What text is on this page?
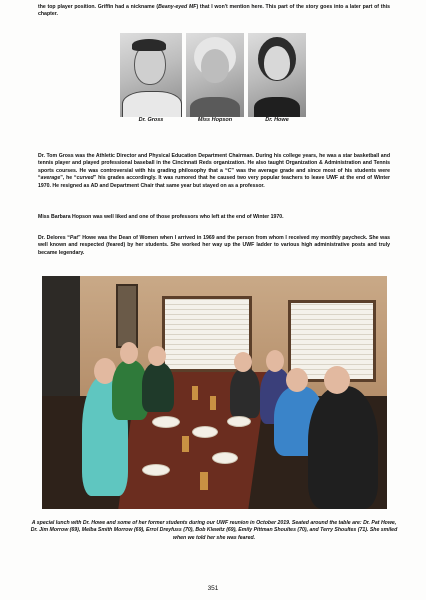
the top player position. Griffin had a nickname (Beany-eyed MF) that I won't mention here. This part of the story goes into a later part of this chapter.

Dr. Gross	Miss Hopson	Dr. Howe

Dr. Tom Gross was the Athletic Director and Physical Education Department Chairman. During his college years, he was a star basketball and tennis player and played professional baseball in the Cincinnati Reds organization. He also taught Organization & Administration and Tennis sports courses. He was controversial with his grading philosophy that a “C” was the average grade and since most of his students were “average”, he “curved” his grades accordingly. It was rumored that he caused two very popular teachers to leave UWF at the end of Winter 1970. He resigned as AD and Department Chair that same year but stayed on as a professor.

Miss Barbara Hopson was well liked and one of those professors who left at the end of Winter 1970.

Dr. Delores “Pat” Howe was the Dean of Women when I arrived in 1969 and the person from whom I received my monthly paycheck. She was well known and respected (feared) by her students. She worked her way up the UWF ladder to various high administrative posts and truly became legendary.

A special lunch with Dr. Howe and some of her former students during our UWF reunion in October 2019. Seated around the table are: Dr. Pat Howe, Dr. Jim Morrow (69), Melba Smith Morrow (69), Errol Dreyfuss (70), Bob Klewitz (69), Emily Pittman Shoultes (70), and Terry Shoultes (71). She smiled when we told her she was feared.

351
